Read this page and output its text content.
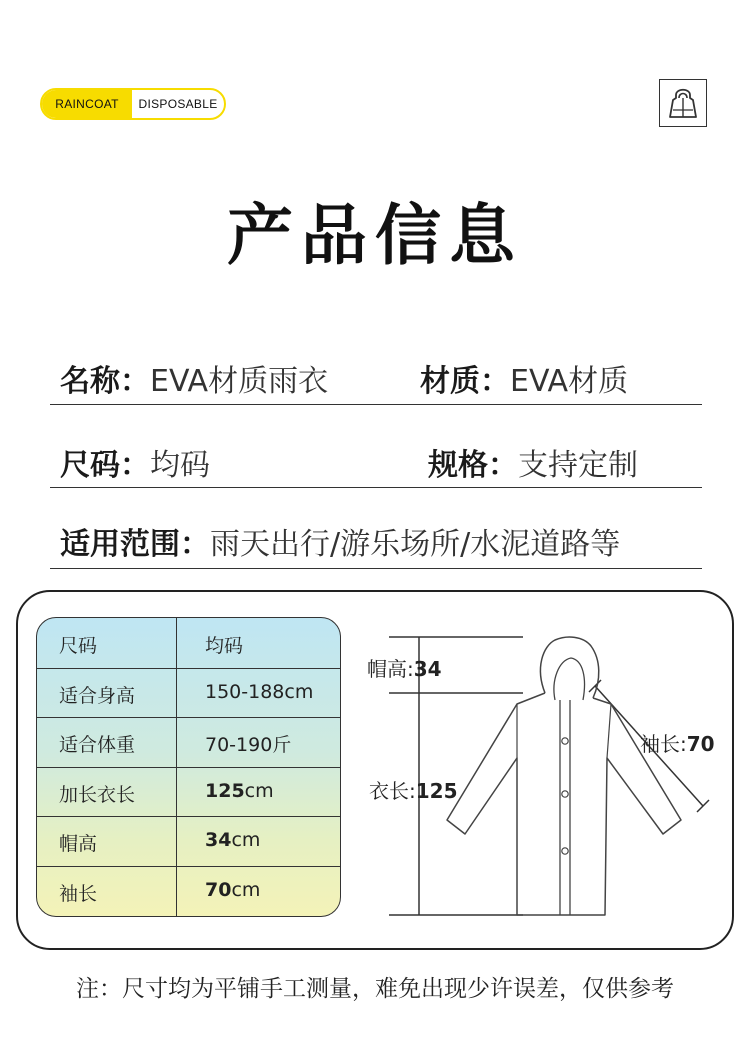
RAINCOAT	DISPOSABLE
产品信息
名称：EVA材质雨衣	材质：EVA材质
尺码：均码	规格：支持定制
适用范围：雨天出行/游乐场所/水泥道路等
尺码	均码
适合身高	150-188cm
适合体重	70-190斤
加长衣长	125cm
帽高	34cm
袖长	70cm
帽高:34
衣长:125
袖长:70
注：尺寸均为平铺手工测量，难免出现少许误差，仅供参考
